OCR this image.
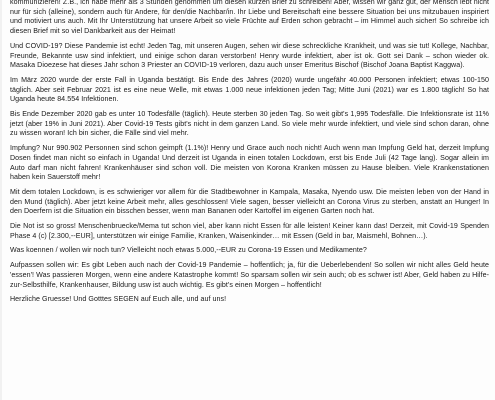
kommunizieren! Z.B., ich habe mehr als 3 Stunden genommen um diesen kurzen Brief zu schreiben! Aber, wissen wir ganz gut, der Mensch lebt nicht nur für sich (alleine), sondern auch für Andere, für den/die Nachbar/in. Ihr Liebe und Bereitschaft eine bessere Situation bei uns mitzubauen inspiriert und motiviert uns auch. Mit Ihr Unterstützung hat unsere Arbeit so viele Früchte auf Erden schon gebracht – im Himmel auch sicher! So schreibe ich diesen Brief mit so viel Dankbarkeit aus der Heimat!

Und COVID-19? Diese Pandemie ist echt! Jeden Tag, mit unseren Augen, sehen wir diese schreckliche Krankheit, und was sie tut! Kollege, Nachbar, Freunde, Bekannte usw sind infektiert, und einige schon daran verstorben! Henry wurde infektiert, aber ist ok. Gott sei Dank – schon wieder ok. Masaka Dioezese hat dieses Jahr schon 3 Priester an COVID-19 verloren, dazu auch unser Emeritus Bischof (Bischof Joana Baptist Kaggwa).

Im März 2020 wurde der erste Fall in Uganda bestätigt. Bis Ende des Jahres (2020) wurde ungefähr 40.000 Personen infektiert; etwas 100-150 täglich. Aber seit Februar 2021 ist es eine neue Welle, mit etwas 1.000 neue infektionen jeden Tag; Mitte Juni (2021) war es 1.800 täglich! So hat Uganda heute 84.554 Infektionen.

Bis Ende Dezember 2020 gab es unter 10 Todesfälle (täglich). Heute sterben 30 jeden Tag. So weit gibt's 1,995 Todesfälle. Die Infektionsrate ist 11% jetzt (aber 19% in Juni 2021). Aber Covid-19 Tests gibt's nicht in dem ganzen Land. So viele mehr wurde infektiert, und viele sind schon daran, ohne zu wissen woran! Ich bin sicher, die Fälle sind viel mehr.

Impfung? Nur 990.902 Personnen sind schon geimpft (1.1%)! Henry und Grace auch noch nicht! Auch wenn man Impfung Geld hat, derzeit Impfung Dosen findet man nicht so einfach in Uganda! Und derzeit ist Uganda in einen totalen Lockdown, erst bis Ende Juli (42 Tage lang). Sogar allein im Auto darf man nicht fahren! Krankenhäuser sind schon voll. Die meisten von Korona Kranken müssen zu Hause bleiben. Viele Krankenstationen haben kein Sauerstoff mehr!

Mit dem totalen Lockdown, is es schwieriger vor allem für die Stadtbewohner in Kampala, Masaka, Nyendo usw. Die meisten leben von der Hand in den Mund (täglich). Aber jetzt keine Arbeit mehr, alles geschlossen! Viele sagen, besser vielleicht an Corona Virus zu sterben, anstatt an Hunger! In den Doerfern ist die Situation ein bisschen besser, wenn man Bananen oder Kartoffel im eigenen Garten noch hat.

Die Not ist so gross! Menschenbruecke/Mema tut schon viel, aber kann nicht Essen für alle leisten! Keiner kann das! Derzeit, mit Covid-19 Spenden Phase 4 (c) [2.300,--EUR], unterstützen wir einige Familie, Kranken, Waisenkinder… mit Essen (Geld in bar, Maismehl, Bohnen…).

Was koennen / wollen wir noch tun? Vielleicht noch etwas 5.000,--EUR zu Corona-19 Essen und Medikamente?

Aufpassen sollen wir: Es gibt Leben auch nach der Covid-19 Pandemie – hoffentlich; ja, für die Ueberlebenden! So sollen wir nicht alles Geld heute 'essen'! Was passieren Morgen, wenn eine andere Katastrophe kommt! So sparsam sollen wir sein auch; ob es schwer ist! Aber, Geld haben zu Hilfe-zur-Selbsthilfe, Krankenhauser, Bildung usw ist auch wichtig. Es gibt's einen Morgen – hoffentlich!

Herzliche Gruesse! Und Gotttes SEGEN auf Euch alle, und auf uns!
